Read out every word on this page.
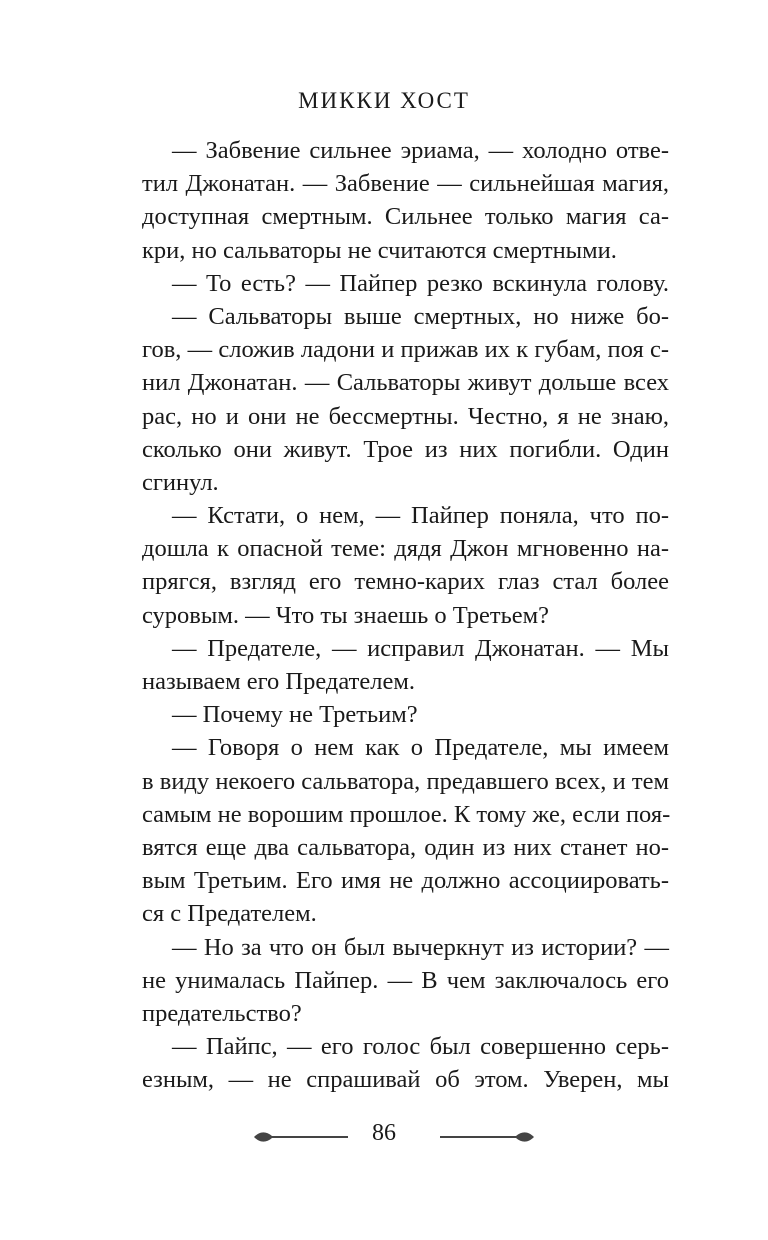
МИККИ ХОСТ
— Забвение сильнее эриама, — холодно отве-
тил Джонатан. — Забвение — сильнейшая магия,
доступная смертным. Сильнее только магия са-
кри, но сальваторы не считаются смертными.
— То есть? — Пайпер резко вскинула голову.
— Сальваторы выше смертных, но ниже бо-
гов, — сложив ладони и прижав их к губам, поя с-
нил Джонатан. — Сальваторы живут дольше всех
рас, но и они не бессмертны. Честно, я не знаю,
сколько они живут. Трое из них погибли. Один
сгинул.
— Кстати, о нем, — Пайпер поняла, что по-
дошла к опасной теме: дядя Джон мгновенно на-
прягся, взгляд его темно-карих глаз стал более
суровым. — Что ты знаешь о Третьем?
— Предателе, — исправил Джонатан. — Мы
называем его Предателем.
— Почему не Третьим?
— Говоря о нем как о Предателе, мы имеем
в виду некоего сальватора, предавшего всех, и тем
самым не ворошим прошлое. К тому же, если поя-
вятся еще два сальватора, один из них станет но-
вым Третьим. Его имя не должно ассоциировать-
ся с Предателем.
— Но за что он был вычеркнут из истории? —
не унималась Пайпер. — В чем заключалось его
предательство?
— Пайпс, — его голос был совершенно серь-
езным, — не спрашивай об этом. Уверен, мы
86
